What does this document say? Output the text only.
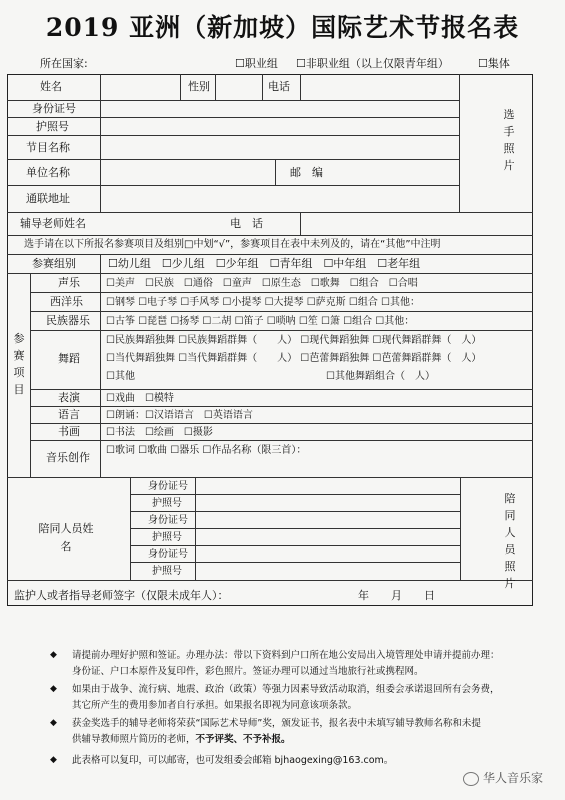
2019 亚洲（新加坡）国际艺术节报名表
所在国家:	☐职业组 ☐非职业组（以上仅限青年组）	☐集体
姓名	性别	电话
身份证号
护照号
选手照片
节目名称
单位名称	邮　编
通联地址
辅导老师姓名	电　话
选手请在以下所报名参赛项目及组别□中划“√”，参赛项目在表中未列及的，请在“其他”中注明
参赛组别	☐幼儿组　☐少儿组　☐少年组　☐青年组　☐中年组　☐老年组
参赛项目
声乐	☐美声　☐民族　☐通俗　☐童声　☐原生态　☐歌舞　☐组合　☐合唱
西洋乐 ☐钢琴 ☐电子琴 ☐手风琴 ☐小提琴 ☐大提琴 ☐萨克斯 ☐组合 ☐其他：
民族器乐 ☐古筝 ☐琵琶 ☐扬琴 ☐二胡 ☐笛子 ☐唢呐 ☐笙 ☐箫 ☐组合 ☐其他：
舞蹈
☐民族舞蹈独舞 ☐民族舞蹈群舞（　　人） ☐现代舞蹈独舞 ☐现代舞蹈群舞（　人）
☐当代舞蹈独舞 ☐当代舞蹈群舞（　　人） ☐芭蕾舞蹈独舞 ☐芭蕾舞蹈群舞（　人）
☐其他	☐其他舞蹈组合（　人）
表演	☐戏曲　☐模特
语言	☐朗诵：☐汉语语言　☐英语语言
书画	☐书法　☐绘画　☐摄影
音乐创作
☐歌词 ☐歌曲 ☐器乐 ☐作品名称（限三首）：
陪同人员姓名
身份证号
护照号
身份证号
护照号
身份证号
护照号
陪同人员照片
监护人或者指导老师签字（仅限未成年人）：	年　　月　　日
◆ 请提前办理好护照和签证。办理办法：带以下资料到户口所在地公安局出入境管理处申请并提前办理：
身份证、户口本原件及复印件，彩色照片。签证办理可以通过当地旅行社或携程网。
◆ 如果由于战争、流行病、地震、政治（政策）等强力因素导致活动取消，组委会承诺退回所有会务费，
其它所产生的费用参加者自行承担。如果报名即视为同意该项条款。
◆ 获金奖选手的辅导老师将荣获“国际艺术导师”奖，颁发证书，报名表中未填写辅导教师名称和未提
供辅导教师照片简历的老师，不予评奖、不予补报。
◆ 此表格可以复印，可以邮寄，也可发组委会邮箱 bjhaogexing@163.com。
华人音乐家
